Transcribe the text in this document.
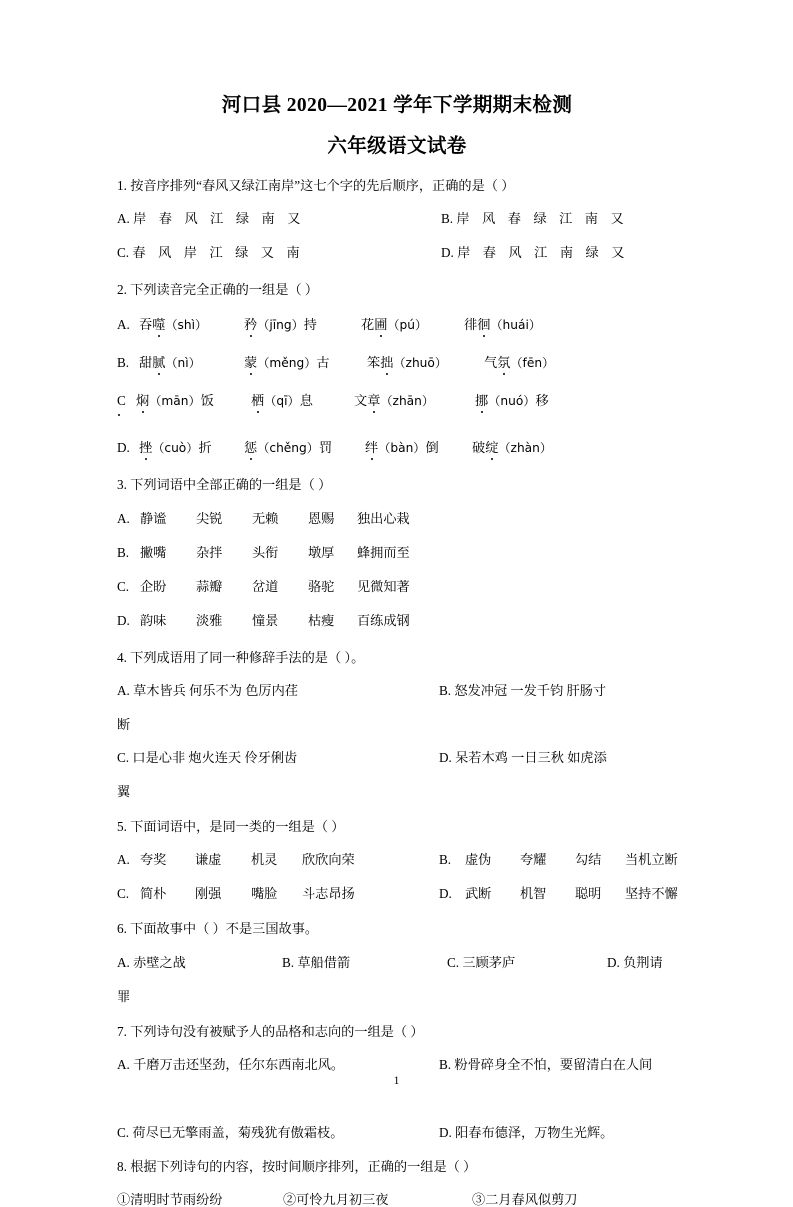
河口县 2020—2021 学年下学期期末检测
六年级语文试卷
1. 按音序排列“春风又绿江南岸”这七个字的先后顺序，正确的是（ ）
A. 岸 春 风 江 绿 南 又	B. 岸 风 春 绿 江 南 又
C. 春 风 岸 江 绿 又 南	D. 岸 春 风 江 南 绿 又
2. 下列读音完全正确的一组是（ ）
A. 吞噬（shì）	矜（jīng）持	花圃（pú）	徘徊（huái）
B. 甜腻（nì）	蒙（měng）古	笨拙（zhuō）	气氛（fēn）
C 焖（mān）饭	栖（qī）息	文章（zhān）	挪（nuó）移
D. 挫（cuò）折 惩（chěng）罚 绊（bàn）倒	破绽（zhàn）
3. 下列词语中全部正确的一组是（ ）
A. 静谧 尖锐 无赖 恩赐 独出心栽
B. 撇嘴 杂拌 头衔 墩厚 蜂拥而至
C. 企盼 蒜瓣 岔道 骆驼 见微知著
D. 韵味 淡雅 憧景 枯瘦 百练成钢
4. 下列成语用了同一种修辞手法的是（ ）。
A. 草木皆兵 何乐不为 色厉内荏	B. 怒发冲冠 一发千钧 肝肠寸
断
C. 口是心非 炮火连天 伶牙俐齿	D. 呆若木鸡 一日三秋 如虎添
翼
5. 下面词语中，是同一类的一组是（ ）
A. 夸奖 谦虚 机灵 欣欣向荣	B. 虚伪 夸耀 勾结 当机立断
C. 简朴 刚强 嘴脸 斗志昂扬	D. 武断 机智 聪明 坚持不懈
6. 下面故事中（ ）不是三国故事。
A. 赤壁之战	B. 草船借箭	C. 三顾茅庐	D. 负荆请
罪
7. 下列诗句没有被赋予人的品格和志向的一组是（ ）
A. 千磨万击还坚劲，任尔东西南北风。	B. 粉骨碎身全不怕，要留清白在人间
C. 荷尽已无擎雨盖，菊残犹有傲霜枝。	D. 阳春布德泽，万物生光辉。
8. 根据下列诗句的内容，按时间顺序排列，正确的一组是（ ）
①清明时节雨纷纷	②可怜九月初三夜	③二月春风似剪刀
1
